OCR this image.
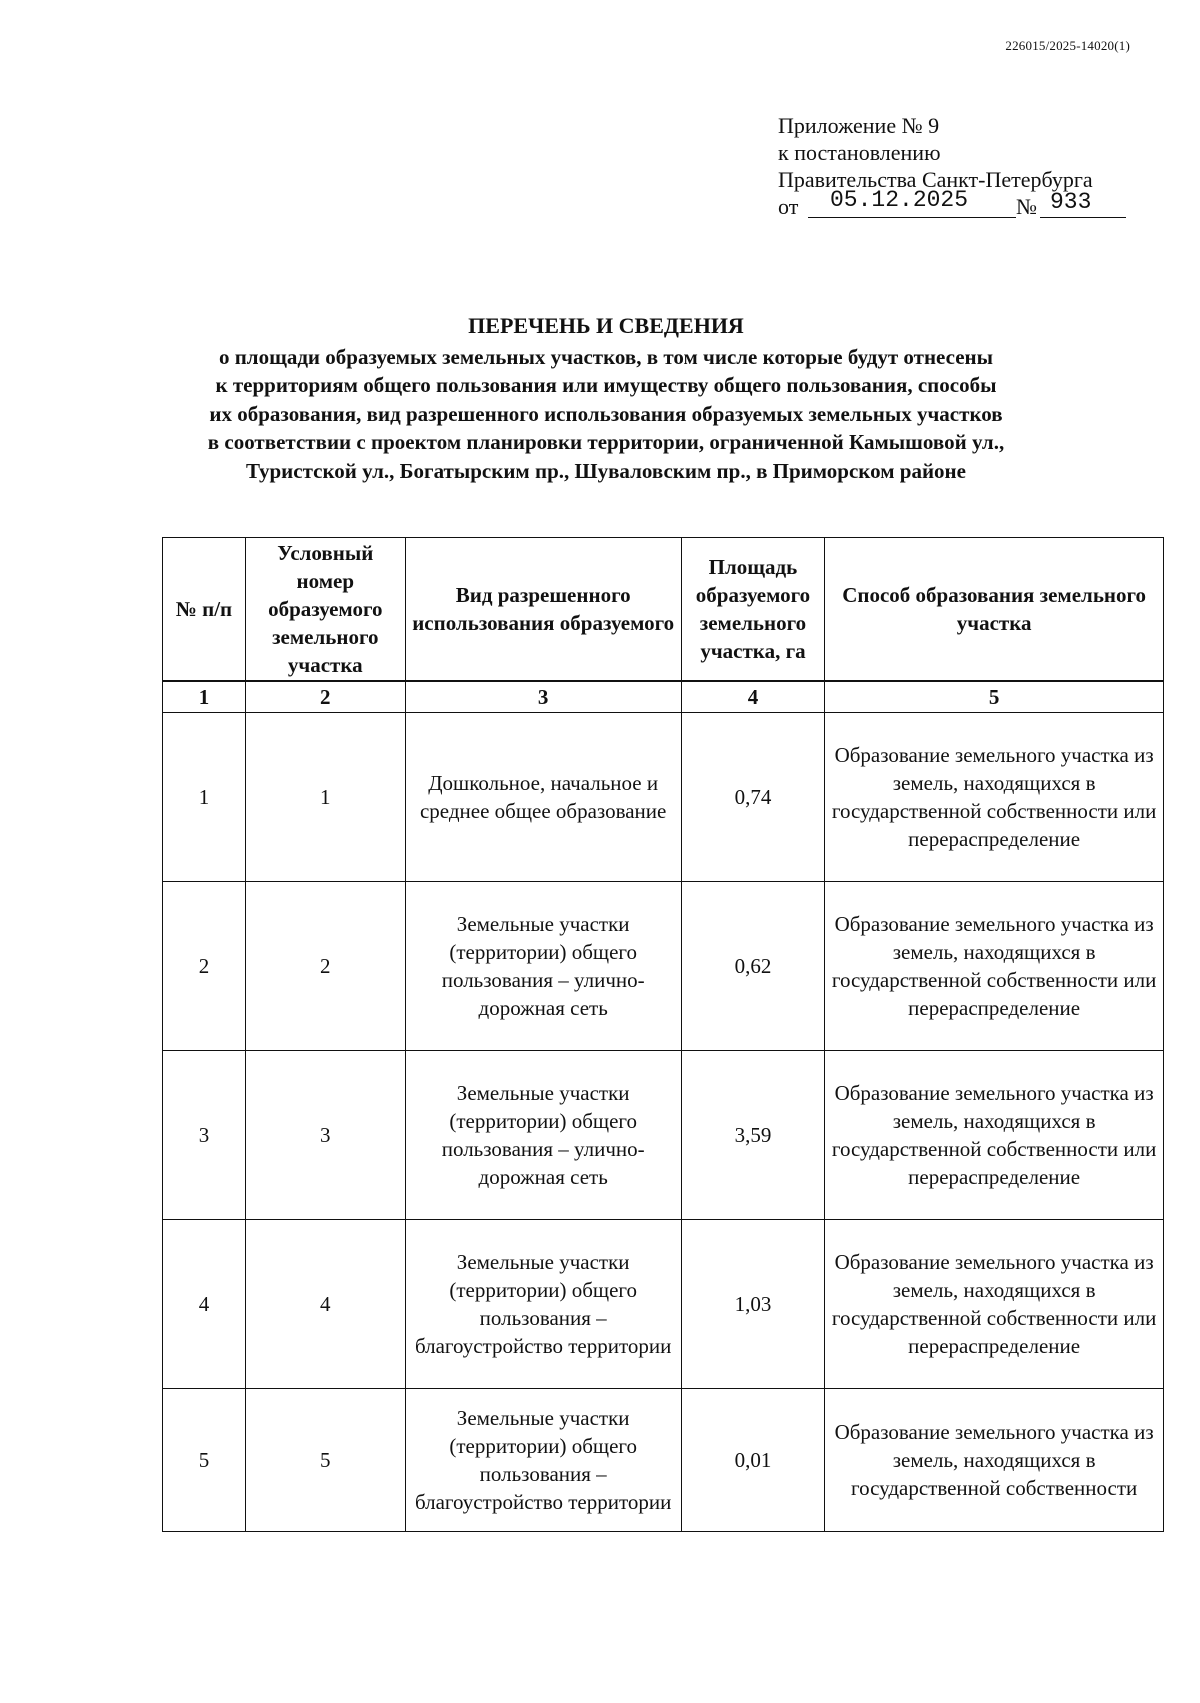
226015/2025-14020(1)
Приложение № 9
к постановлению
Правительства Санкт-Петербурга
от 05.12.2025 № 933
ПЕРЕЧЕНЬ И СВЕДЕНИЯ
о площади образуемых земельных участков, в том числе которые будут отнесены
к территориям общего пользования или имуществу общего пользования, способы
их образования, вид разрешенного использования образуемых земельных участков
в соответствии с проектом планировки территории, ограниченной Камышовой ул.,
Туристской ул., Богатырским пр., Шуваловским пр., в Приморском районе
№ п/п	Условный номер образуемого земельного участка	Вид разрешенного использования образуемого	Площадь образуемого земельного участка, га	Способ образования земельного участка
1	2	3	4	5
1	1	Дошкольное, начальное и среднее общее образование	0,74	Образование земельного участка из земель, находящихся в государственной собственности или перераспределение
2	2	Земельные участки (территории) общего пользования – улично-дорожная сеть	0,62	Образование земельного участка из земель, находящихся в государственной собственности или перераспределение
3	3	Земельные участки (территории) общего пользования – улично-дорожная сеть	3,59	Образование земельного участка из земель, находящихся в государственной собственности или перераспределение
4	4	Земельные участки (территории) общего пользования – благоустройство территории	1,03	Образование земельного участка из земель, находящихся в государственной собственности или перераспределение
5	5	Земельные участки (территории) общего пользования – благоустройство территории	0,01	Образование земельного участка из земель, находящихся в государственной собственности
